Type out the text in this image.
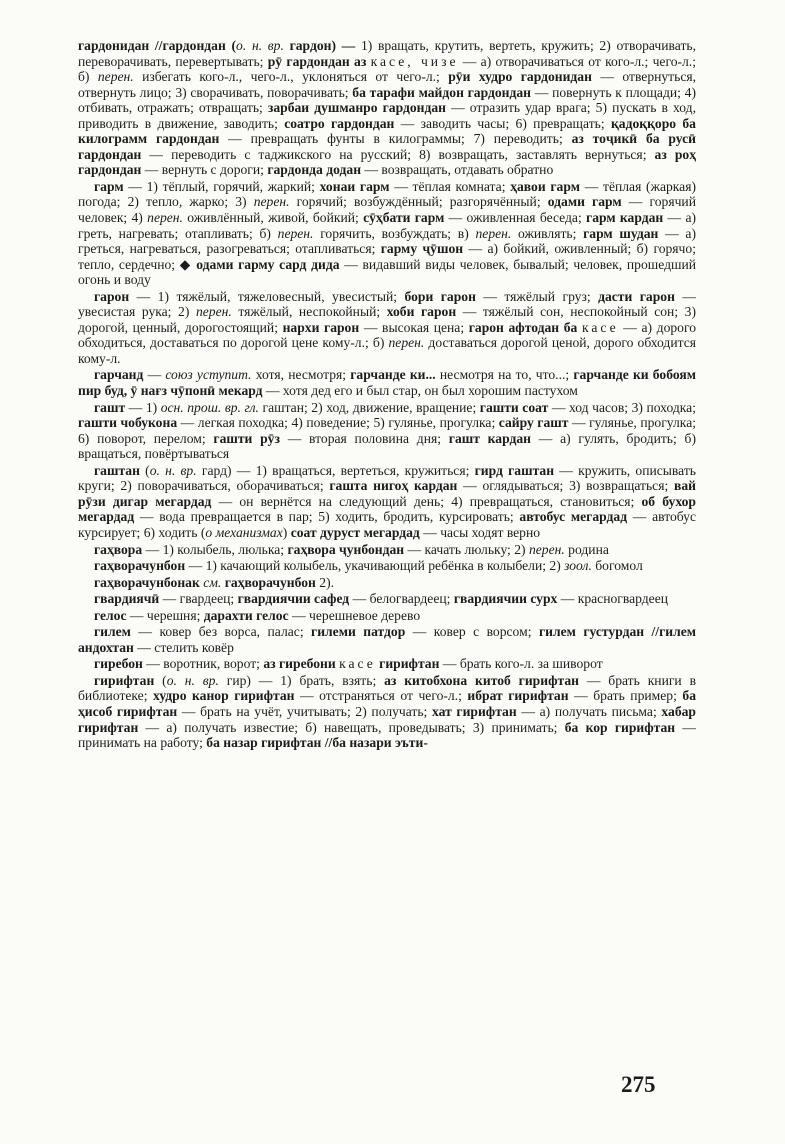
гардонидан //гардондан (о. н. вр. гардон) — 1) вращать, крутить, вертеть, кружить; 2) отворачивать, переворачивать, перевертывать; рӯ гардондан аз касе, чизе — а) отворачиваться от кого-л.; чего-л.; б) перен. избегать кого-л., чего-л., уклоняться от чего-л.; рӯи худро гардонидан — отвернуться, отвернуть лицо; 3) сворачивать, поворачивать; ба тарафи майдон гардондан — повернуть к площади; 4) отбивать, отражать; отвращать; зарбаи душманро гардондан — отразить удар врага; 5) пускать в ход, приводить в движение, заводить; соатро гардондан — заводить часы; 6) превращать; қадоққоро ба килограмм гардондан — превращать фунты в килограммы; 7) переводить; аз тоҷикӣ ба русӣ гардондан — переводить с таджикского на русский; 8) возвращать, заставлять вернуться; аз роҳ гардондан — вернуть с дороги; гардонда додан — возвращать, отдавать обратно

гарм — 1) тёплый, горячий, жаркий; хонаи гарм — тёплая комната; ҳавои гарм — тёплая (жаркая) погода; 2) тепло, жарко; 3) перен. горячий; возбуждённый; разгорячённый; одами гарм — горячий человек; 4) перен. оживлённый, живой, бойкий; сӯҳбати гарм — оживленная беседа; гарм кардан — а) греть, нагревать; отапливать; б) перен. горячить, возбуждать; в) перен. оживлять; гарм шудан — а) греться, нагреваться, разогреваться; отапливаться; гарму ҷӯшон — а) бойкий, оживленный; б) горячо; тепло, сердечно; ◆ одами гарму сард дида — видавший виды человек, бывалый; человек, прошедший огонь и воду

гарон — 1) тяжёлый, тяжеловесный, увесистый; бори гарон — тяжёлый груз; дасти гарон — увесистая рука; 2) перен. тяжёлый, неспокойный; хоби гарон — тяжёлый сон, неспокойный сон; 3) дорогой, ценный, дорогостоящий; нархи гарон — высокая цена; гарон афтодан ба касе — а) дорого обходиться, доставаться по дорогой цене кому-л.; б) перен. доставаться дорогой ценой, дорого обходится кому-л.

гарчанд — союз уступит. хотя, несмотря; гарчанде ки... несмотря на то, что...; гарчанде ки бобоям пир буд, ӯ нағз чӯпонӣ мекард — хотя дед его и был стар, он был хорошим пастухом

гашт — 1) осн. прош. вр. гл. гаштан; 2) ход, движение, вращение; гашти соат — ход часов; 3) походка; гашти чобукона — легкая походка; 4) поведение; 5) гулянье, прогулка; сайру гашт — гулянье, прогулка; 6) поворот, перелом; гашти рӯз — вторая половина дня; гашт кардан — а) гулять, бродить; б) вращаться, повёртываться

гаштан (о. н. вр. гард) — 1) вращаться, вертеться, кружиться; гирд гаштан — кружить, описывать круги; 2) поворачиваться, оборачиваться; гашта нигоҳ кардан — оглядываться; 3) возвращаться; вай рӯзи дигар мегардад — он вернётся на следующий день; 4) превращаться, становиться; об бухор мегардад — вода превращается в пар; 5) ходить, бродить, курсировать; автобус мегардад — автобус курсирует; 6) ходить (о механизмах) соат дуруст мегардад — часы ходят верно

гаҳвора — 1) колыбель, люлька; гаҳвора ҷунбондан — качать люльку; 2) перен. родина

гаҳворачунбон — 1) качающий колыбель, укачивающий ребёнка в колыбели; 2) зоол. богомол

гаҳворачунбонак см. гаҳворачунбон 2).

гвардиячӣ — гвардеец; гвардиячии сафед — белогвардеец; гвардиячии сурх — красногвардеец

гелос — черешня; дарахти гелос — черешневое дерево

гилем — ковер без ворса, палас; гилеми патдор — ковер с ворсом; гилем густурдан //гилем андохтан — стелить ковёр

гиребон — воротник, ворот; аз гиребони касе гирифтан — брать кого-л. за шиворот

гирифтан (о. н. вр. гир) — 1) брать, взять; аз китобхона китоб гирифтан — брать книги в библиотеке; худро канор гирифтан — отстраняться от чего-л.; ибрат гирифтан — брать пример; ба ҳисоб гирифтан — брать на учёт, учитывать; 2) получать; хат гирифтан — а) получать письма; хабар гирифтан — а) получать известие; б) навещать, проведывать; 3) принимать; ба кор гирифтан — принимать на работу; ба назар гирифтан //ба назари эъти-

275
